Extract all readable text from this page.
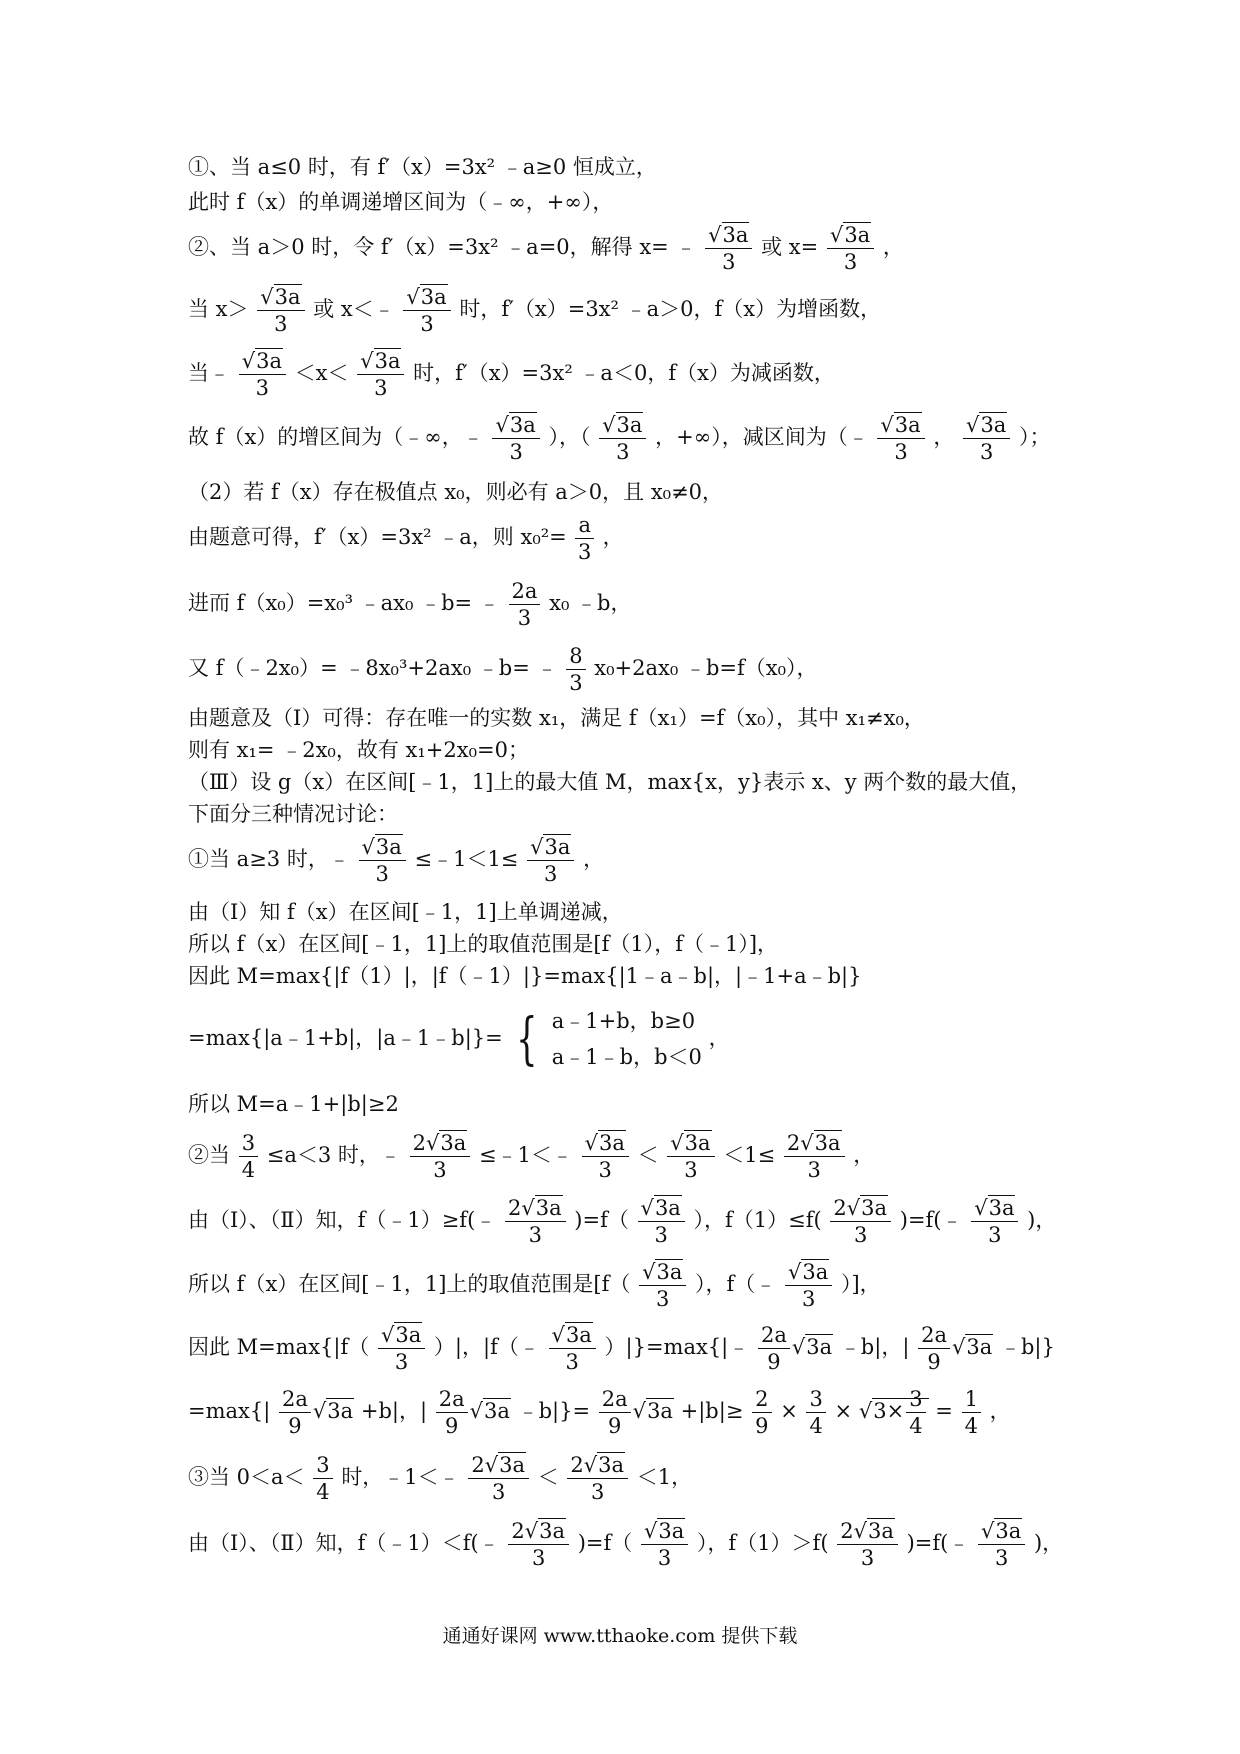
①、当 a≤0 时，有 f′（x）=3x² ﹣a≥0 恒成立，
此时 f（x）的单调递增区间为（﹣∞，+∞），
②、当 a＞0 时，令 f′（x）=3x² ﹣a=0，解得 x= ﹣ $\frac{√3a}{3}$ 或 $x= \frac{√3a}{3}$ ，
当 $x> \frac{√3a}{3}$ 或 x＜﹣ $\frac{√3a}{3}$ 时，f′（x）=3x² ﹣a＞0，f（x）为增函数，
当﹣ $\frac{√3a}{3} <x< \frac{√3a}{3}$ 时，f′（x）=3x² ﹣a＜0，f（x）为减函数，
故 f（x）的增区间为（﹣∞，﹣ $\frac{√3a}{3}$ ），（ $\frac{√3a}{3}$ ，+∞），减区间为（﹣ $\frac{√3a}{3}$ ， $\frac{√3a}{3}$ ）；
（2）若 f（x）存在极值点 x₀，则必有 a＞0，且 x₀≠0，
由题意可得，f′（x）=3x² ﹣a，则 $x_0^2= \frac{a}{3}$ ，
进而 f（x₀）=x₀³ ﹣ax₀ ﹣b= ﹣ $\frac{2a}{3} x_0$ ﹣b，
又 f（﹣2x₀）= ﹣8x₀³+2ax₀ ﹣b= ﹣ $\frac{8}{3} x_0+2ax_0$ ﹣b=f（x₀），
由题意及（Ⅰ）可得：存在唯一的实数 x₁，满足 f（x₁）=f（x₀），其中 x₁≠x₀，
则有 x₁= ﹣2x₀，故有 x₁+2x₀=0；
（Ⅲ）设 g（x）在区间[﹣1，1]上的最大值 M，max{x，y}表示 x、y 两个数的最大值，
下面分三种情况讨论：
①当 a≥3 时，﹣ $\frac{√3a}{3}$ ≤﹣1＜1≤ $\frac{√3a}{3}$ ，
由（Ⅰ）知 f（x）在区间[﹣1，1]上单调递减，
所以 f（x）在区间[﹣1，1]上的取值范围是[f（1），f（﹣1）]，
因此 M=max{|f（1）|，|f（﹣1）|}=max{|1﹣a﹣b|，|﹣1+a﹣b|}
=max{|a﹣1+b|，|a﹣1﹣b|}= { a﹣1+b，b≥0
a﹣1﹣b，b＜0
，
所以 M=a﹣1+|b|≥2
②当 $\frac{3}{4} \le a<3$ 时，﹣ $\frac{2√3a}{3}$ ≤﹣1＜﹣ $\frac{√3a}{3} < \frac{√3a}{3} <1\le \frac{2√3a}{3}$ ，
由（Ⅰ）、（Ⅱ）知，f（﹣1）≥f(﹣ $\frac{2√3a}{3} )=f( \frac{√3a}{3}$ ），$f(1)\le f( \frac{2√3a}{3}$ )=f(﹣ $\frac{√3a}{3}$ )，
所以 f（x）在区间[﹣1，1]上的取值范围是[$f( \frac{√3a}{3}$ ），f（﹣ $\frac{√3a}{3}$ ）]，
因此 $M=\max\{|f( \frac{√3a}{3}$ ）|，|f（﹣ $\frac{√3a}{3}$ ）|}=max{|﹣ $\frac{2a}{9} √3a$ ﹣b|，| $\frac{2a}{9} √3a$ ﹣b|}
$=\max\{| \frac{2a}{9} √3a +b|$，| $\frac{2a}{9} √3a$ ﹣b|}= $\frac{2a}{9} √3a +|b|\ge \frac{2}{9} \times \frac{3}{4} \times √3\times \frac{3}{4} = \frac{1}{4}$ ，
③当 $0<a< \frac{3}{4}$ 时，﹣1＜﹣ $\frac{2√3a}{3} < \frac{2√3a}{3} <1$，
由（Ⅰ）、（Ⅱ）知，f（﹣1）＜f(﹣ $\frac{2√3a}{3} )=f( \frac{√3a}{3}$ ），$f(1)>f( \frac{2√3a}{3}$ )=f(﹣ $\frac{√3a}{3}$ )，
通通好课网 www.tthaoke.com 提供下载
